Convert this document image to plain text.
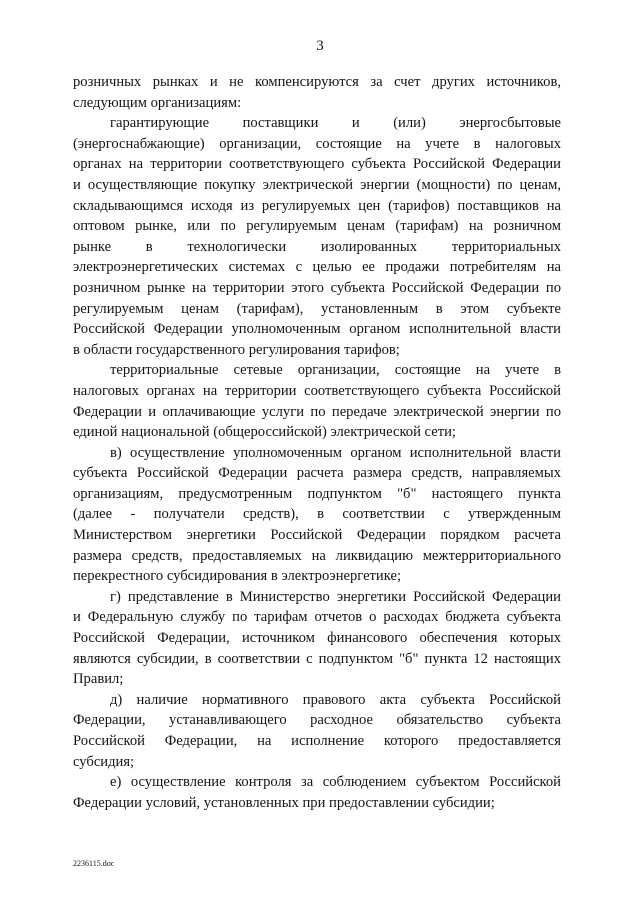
3
розничных рынках и не компенсируются за счет других источников,
следующим организациям:
гарантирующие поставщики и (или) энергосбытовые
(энергоснабжающие) организации, состоящие на учете в налоговых
органах на территории соответствующего субъекта Российской Федерации
и осуществляющие покупку электрической энергии (мощности) по ценам,
складывающимся исходя из регулируемых цен (тарифов) поставщиков на
оптовом рынке, или по регулируемым ценам (тарифам) на розничном
рынке в технологически изолированных территориальных
электроэнергетических системах с целью ее продажи потребителям на
розничном рынке на территории этого субъекта Российской Федерации по
регулируемым ценам (тарифам), установленным в этом субъекте
Российской Федерации уполномоченным органом исполнительной власти
в области государственного регулирования тарифов;
территориальные сетевые организации, состоящие на учете в
налоговых органах на территории соответствующего субъекта Российской
Федерации и оплачивающие услуги по передаче электрической энергии по
единой национальной (общероссийской) электрической сети;
в) осуществление уполномоченным органом исполнительной власти
субъекта Российской Федерации расчета размера средств, направляемых
организациям, предусмотренным подпунктом "б" настоящего пункта
(далее - получатели средств), в соответствии с утвержденным
Министерством энергетики Российской Федерации порядком расчета
размера средств, предоставляемых на ликвидацию межтерриториального
перекрестного субсидирования в электроэнергетике;
г) представление в Министерство энергетики Российской Федерации
и Федеральную службу по тарифам отчетов о расходах бюджета субъекта
Российской Федерации, источником финансового обеспечения которых
являются субсидии, в соответствии с подпунктом "б" пункта 12 настоящих
Правил;
д) наличие нормативного правового акта субъекта Российской
Федерации, устанавливающего расходное обязательство субъекта
Российской Федерации, на исполнение которого предоставляется
субсидия;
е) осуществление контроля за соблюдением субъектом Российской
Федерации условий, установленных при предоставлении субсидии;
2236115.doc
